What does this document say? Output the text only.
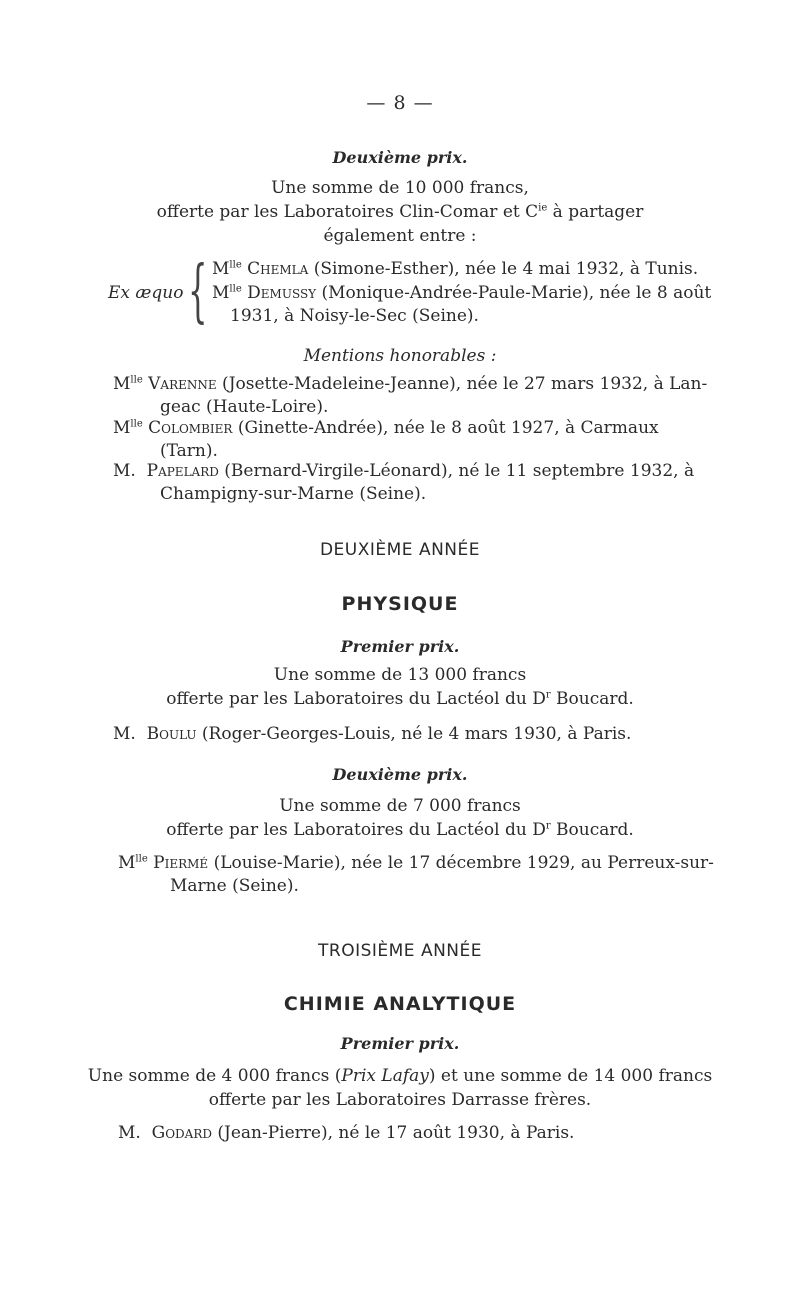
— 8 —
Deuxième prix.
Une somme de 10 000 francs,
offerte par les Laboratoires Clin-Comar et $C^{ie}$ à partager
également entre :
Ex æquo { $M^{lle}$ Chemla (Simone-Esther), née le 4 mai 1932, à Tunis.
$M^{lle}$ Demussy (Monique-Andrée-Paule-Marie), née le 8 août
1931, à Noisy-le-Sec (Seine).
Mentions honorables :
$M^{lle}$ Varenne (Josette-Madeleine-Jeanne), née le 27 mars 1932, à Lan-
geac (Haute-Loire).
$M^{lle}$ Colombier (Ginette-Andrée), née le 8 août 1927, à Carmaux
(Tarn).
M. Papelard (Bernard-Virgile-Léonard), né le 11 septembre 1932, à
Champigny-sur-Marne (Seine).
DEUXIÈME ANNÉE
PHYSIQUE
Premier prix.
Une somme de 13 000 francs
offerte par les Laboratoires du Lactéol du $D^r$ Boucard.
M. Boulu (Roger-Georges-Louis, né le 4 mars 1930, à Paris.
Deuxième prix.
Une somme de 7 000 francs
offerte par les Laboratoires du Lactéol du $D^r$ Boucard.
$M^{lle}$ Piermé (Louise-Marie), née le 17 décembre 1929, au Perreux-sur-
Marne (Seine).
TROISIÈME ANNÉE
CHIMIE ANALYTIQUE
Premier prix.
Une somme de 4 000 francs (Prix Lafay) et une somme de 14 000 francs
offerte par les Laboratoires Darrasse frères.
M. Godard (Jean-Pierre), né le 17 août 1930, à Paris.
